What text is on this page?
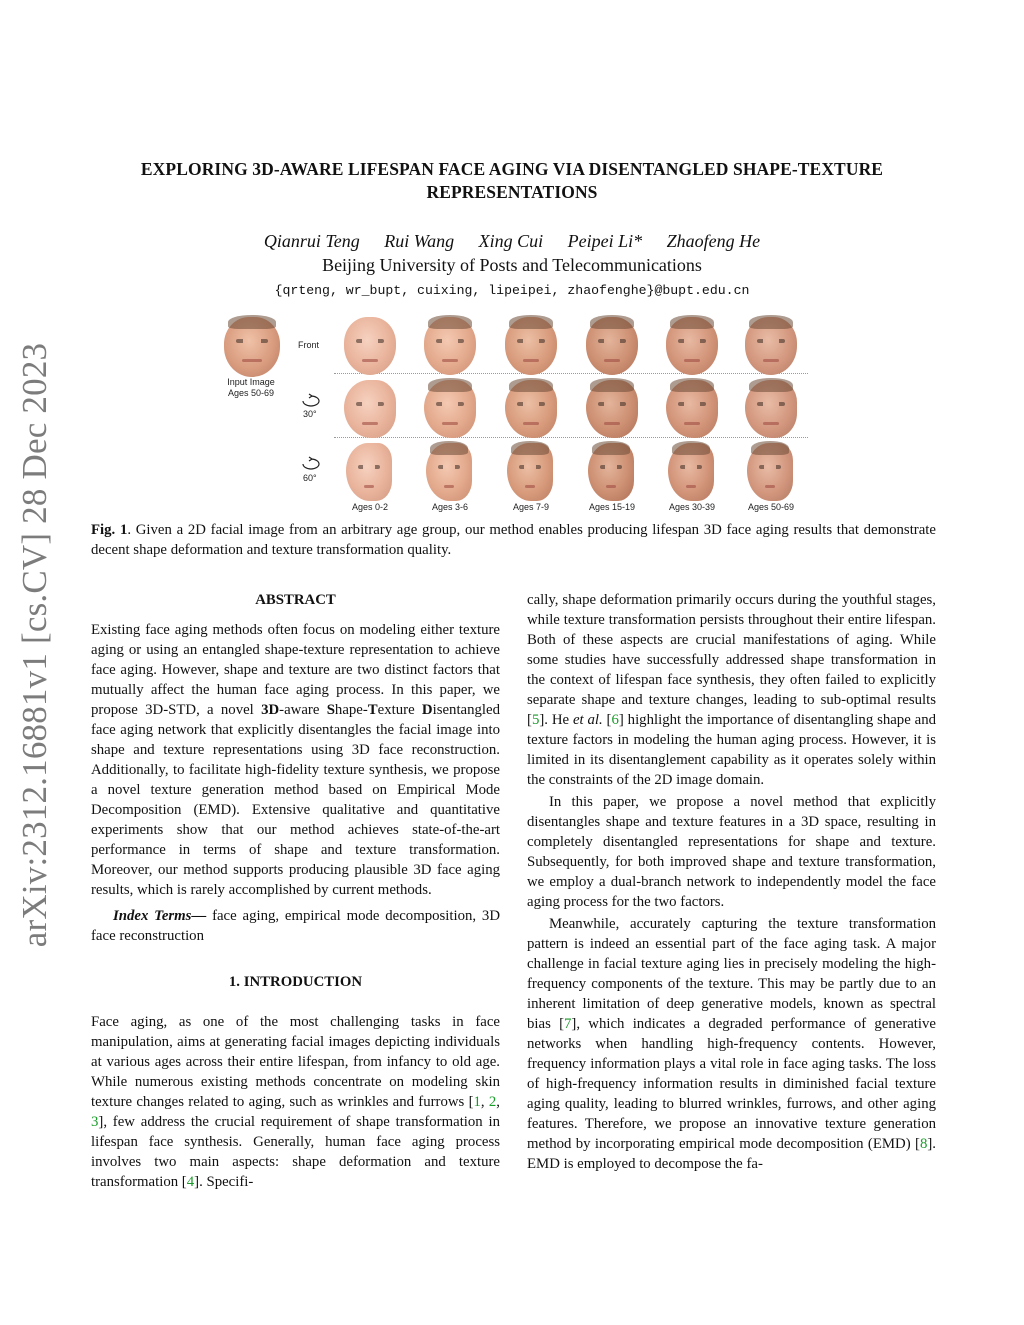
arXiv:2312.16881v1 [cs.CV] 28 Dec 2023
EXPLORING 3D-AWARE LIFESPAN FACE AGING VIA DISENTANGLED SHAPE-TEXTURE
REPRESENTATIONS
Qianrui Teng Rui Wang Xing Cui Peipei Li* Zhaofeng He
Beijing University of Posts and Telecommunications
{qrteng, wr_bupt, cuixing, lipeipei, zhaofenghe}@bupt.edu.cn
Input Image
Ages 50-69
Front
30°
60°
Ages 0-2	Ages 3-6	Ages 7-9	Ages 15-19	Ages 30-39	Ages 50-69
Fig. 1. Given a 2D facial image from an arbitrary age group, our method enables producing lifespan 3D face aging results that demonstrate decent shape deformation and texture transformation quality.
ABSTRACT

Existing face aging methods often focus on modeling either texture aging or using an entangled shape-texture representation to achieve face aging. However, shape and texture are two distinct factors that mutually affect the human face aging process. In this paper, we propose 3D-STD, a novel 3D-aware Shape-Texture Disentangled face aging network that explicitly disentangles the facial image into shape and texture representations using 3D face reconstruction. Additionally, to facilitate high-fidelity texture synthesis, we propose a novel texture generation method based on Empirical Mode Decomposition (EMD). Extensive qualitative and quantitative experiments show that our method achieves state-of-the-art performance in terms of shape and texture transformation. Moreover, our method supports producing plausible 3D face aging results, which is rarely accomplished by current methods.

Index Terms— face aging, empirical mode decomposition, 3D face reconstruction

1. INTRODUCTION

Face aging, as one of the most challenging tasks in face manipulation, aims at generating facial images depicting individuals at various ages across their entire lifespan, from infancy to old age. While numerous existing methods concentrate on modeling skin texture changes related to aging, such as wrinkles and furrows [1, 2, 3], few address the crucial requirement of shape transformation in lifespan face synthesis. Generally, human face aging process involves two main aspects: shape deformation and texture transformation [4]. Specifi-

cally, shape deformation primarily occurs during the youthful stages, while texture transformation persists throughout their entire lifespan. Both of these aspects are crucial manifestations of aging. While some studies have successfully addressed shape transformation in the context of lifespan face synthesis, they often failed to explicitly separate shape and texture changes, leading to sub-optimal results [5]. He et al. [6] highlight the importance of disentangling shape and texture factors in modeling the human aging process. However, it is limited in its disentanglement capability as it operates solely within the constraints of the 2D image domain.

In this paper, we propose a novel method that explicitly disentangles shape and texture features in a 3D space, resulting in completely disentangled representations for shape and texture. Subsequently, for both improved shape and texture transformation, we employ a dual-branch network to independently model the face aging process for the two factors.

Meanwhile, accurately capturing the texture transformation pattern is indeed an essential part of the face aging task. A major challenge in facial texture aging lies in precisely modeling the high-frequency components of the texture. This may be partly due to an inherent limitation of deep generative models, known as spectral bias [7], which indicates a degraded performance of generative networks when handling high-frequency contents. However, frequency information plays a vital role in face aging tasks. The loss of high-frequency information results in diminished facial texture aging quality, leading to blurred wrinkles, furrows, and other aging features. Therefore, we propose an innovative texture generation method by incorporating empirical mode decomposition (EMD) [8]. EMD is employed to decompose the fa-
